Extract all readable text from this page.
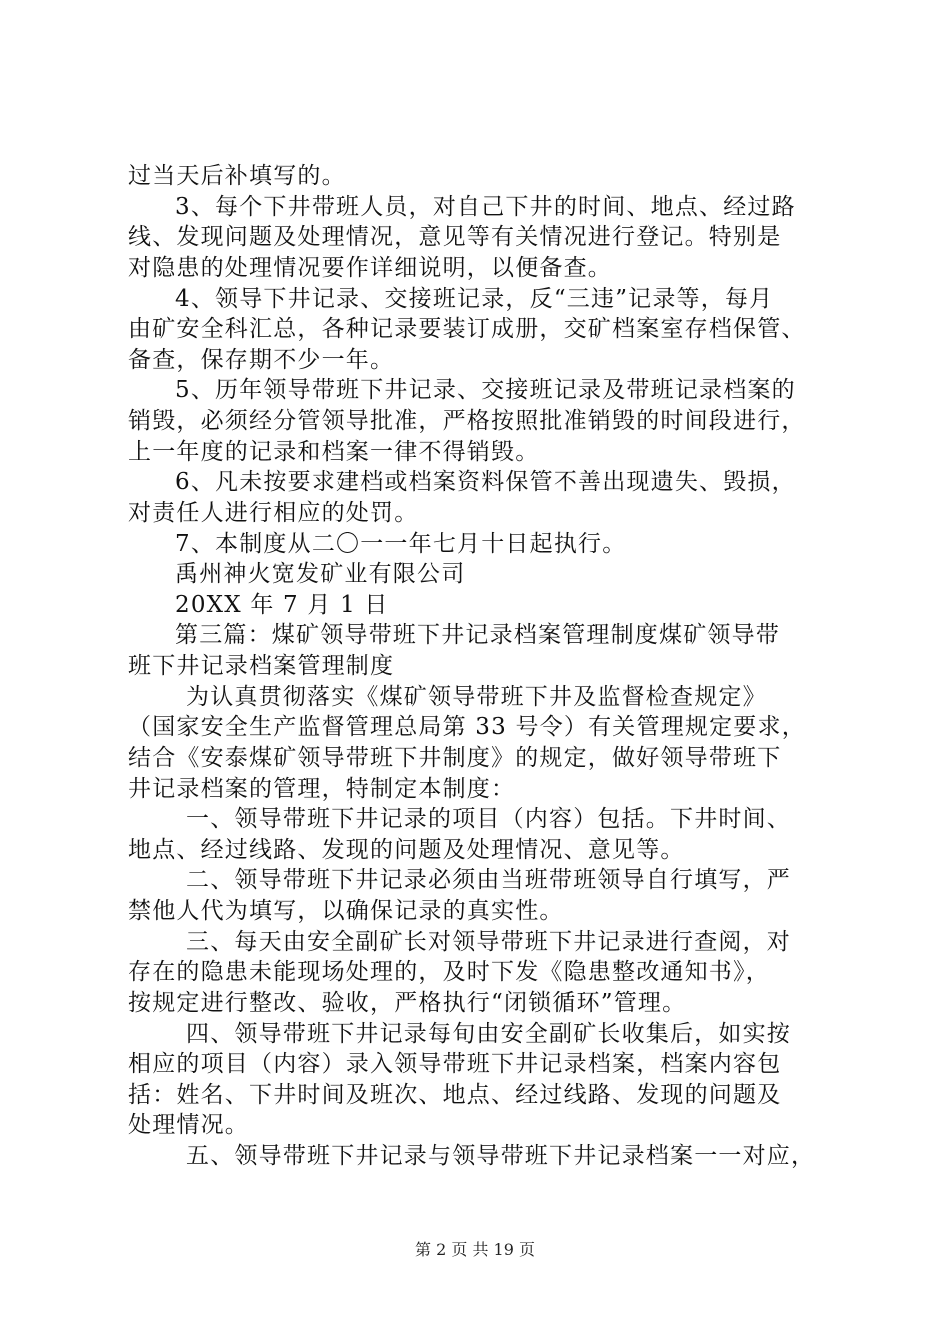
过当天后补填写的。
3、每个下井带班人员，对自己下井的时间、地点、经过路
线、发现问题及处理情况，意见等有关情况进行登记。特别是
对隐患的处理情况要作详细说明，以便备查。
4、领导下井记录、交接班记录，反“三违”记录等，每月
由矿安全科汇总，各种记录要装订成册，交矿档案室存档保管、
备查，保存期不少一年。
5、历年领导带班下井记录、交接班记录及带班记录档案的
销毁，必须经分管领导批准，严格按照批准销毁的时间段进行，
上一年度的记录和档案一律不得销毁。
6、凡未按要求建档或档案资料保管不善出现遗失、毁损，
对责任人进行相应的处罚。
7、本制度从二〇一一年七月十日起执行。
禹州神火宽发矿业有限公司
20XX 年 7 月 1 日
第三篇：煤矿领导带班下井记录档案管理制度煤矿领导带
班下井记录档案管理制度
为认真贯彻落实《煤矿领导带班下井及监督检查规定》
（国家安全生产监督管理总局第 33 号令）有关管理规定要求，
结合《安泰煤矿领导带班下井制度》的规定，做好领导带班下
井记录档案的管理，特制定本制度：
一、领导带班下井记录的项目（内容）包括。下井时间、
地点、经过线路、发现的问题及处理情况、意见等。
二、领导带班下井记录必须由当班带班领导自行填写，严
禁他人代为填写，以确保记录的真实性。
三、每天由安全副矿长对领导带班下井记录进行查阅，对
存在的隐患未能现场处理的，及时下发《隐患整改通知书》，
按规定进行整改、验收，严格执行“闭锁循环”管理。
四、领导带班下井记录每旬由安全副矿长收集后，如实按
相应的项目（内容）录入领导带班下井记录档案，档案内容包
括：姓名、下井时间及班次、地点、经过线路、发现的问题及
处理情况。
五、领导带班下井记录与领导带班下井记录档案一一对应，
第 2 页 共 19 页
